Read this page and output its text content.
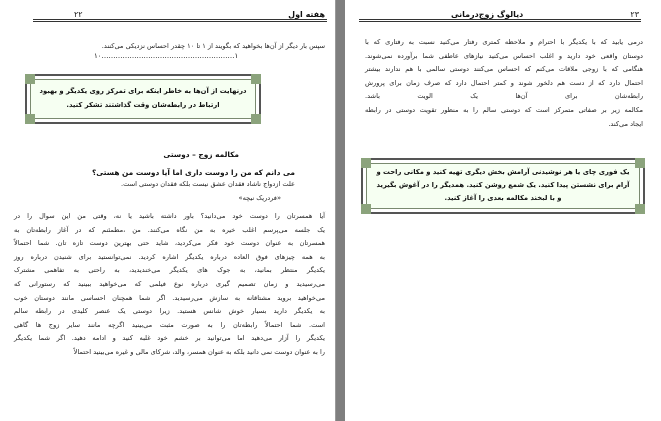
هفته اول
۲۲
سپس بار دیگر از آن‌ها بخواهید که بگویند از ۱ تا ۱۰ چقدر احساس نزدیکی می‌کنند.
۱۰…………………………………………………۱
درنهایت از آن‌ها به خاطر اینکه برای تمرکز روی یکدیگر و بهبود ارتباط در رابطه‌شان وقت گذاشتند تشکر کنید.
مکالمه زوج – دوستی
می دانم که من را دوست داری اما آیا دوست من هستی؟
علت ازدواج ناشاد فقدان عشق نیست بلکه فقدان دوستی است.
«فردریک نیچه»
آیا همسرتان را دوست خود می‌دانید؟ باور داشته باشید یا نه، وقتی من این سوال را در
یک جلسه می‌پرسم اغلب خیره به من نگاه می‌کنند. من ،مطمئنم که در آغاز رابطه‌تان به
همسرتان به عنوان دوست خود فکر می‌کردید، شاید حتی بهترین دوست تازه تان. شما احتمالاً
به همه چیزهای فوق العاده درباره یکدیگر اشاره کردید. نمی‌توانستید برای شنیدن درباره روز
یکدیگر منتظر بمانید، به جوک های یکدیگر می‌خندیدید، به راحتی به تفاهمی مشترک
می‌رسیدید و زمان تصمیم گیری درباره نوع فیلمی که می‌خواهید ببینید که رستورانی که
می‌خواهید بروید مشتاقانه به سازش می‌رسیدید. اگر شما همچنان احساسی مانند دوستان خوب
به یکدیگر دارید بسیار خوش شانس هستید. زیرا دوستی یک عنصر کلیدی در رابطه سالم
است. شما احتمالاً رابطه‌تان را به صورت مثبت می‌بینید اگرچه مانند سایر زوج ها گاهی
یکدیگر را آزار می‌دهید اما می‌توانید بر خشم خود غلبه کنید و ادامه دهید. اگر شما یکدیگر
را به عنوان دوست نمی دانید بلکه به عنوان همسر، والد، شرکای مالی و غیره می‌بینید احتمالاً
دیالوگ زوج‌درمانی	۲۳
درمی یابید که با یکدیگر با احترام و ملاحظه کمتری رفتار می‌کنید نسبت به رفتاری که با
دوستان واقعی خود دارید و اغلب احساس می‌کنید نیازهای عاطفی شما برآورده نمی‌شوند.
هنگامی که با زوجی ملاقات می‌کنم که احساس می‌کنند دوستی سالمی با هم ندارند بیشتر
احتمال دارد که از دست هم دلخور شوند و کمتر احتمال دارد که صرف زمان برای پرورش
رابطه‌شان برای آن‌ها یک الویت باشد.
مکالمه زیر بر صفاتی متمرکز است که دوستی سالم را به منظور تقویت دوستی در رابطه
ایجاد می‌کند.
یک فوری چای یا هر نوشیدنی آرامش بخش دیگری تهیه کنید و مکانی راحت و آرام برای نشستن پیدا کنید. یک شمع روشن کنید. همدیگر را در آغوش بگیرید و با لبخند مکالمه بعدی را آغاز کنید.
